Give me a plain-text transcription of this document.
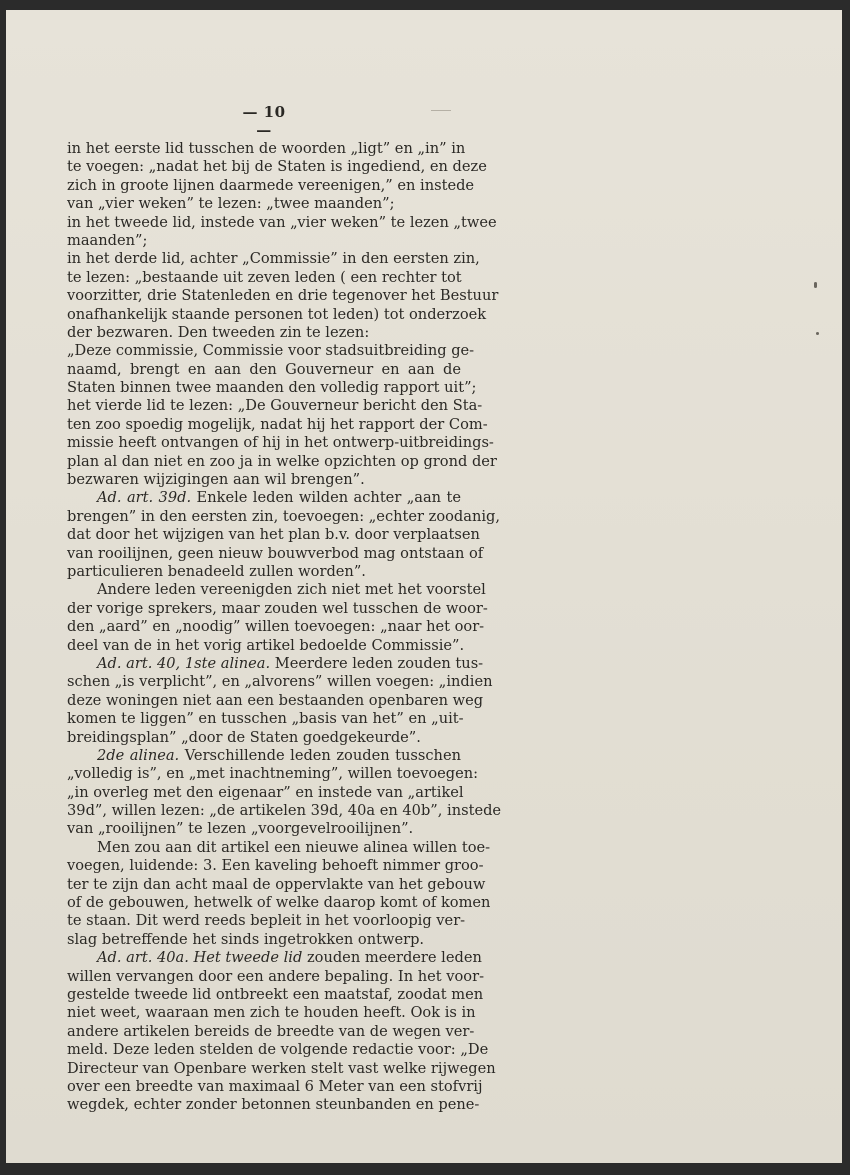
— 10 —
in het eerste lid tusschen de woorden „ligt” en „in” in
te voegen: „nadat het bij de Staten is ingediend, en deze
zich in groote lijnen daarmede vereenigen,” en instede
van „vier weken” te lezen: „twee maanden”;
in het tweede lid, instede van „vier weken” te lezen „twee
maanden”;
in het derde lid, achter „Commissie” in den eersten zin,
te lezen: „bestaande uit zeven leden ( een rechter tot
voorzitter, drie Statenleden en drie tegenover het Bestuur
onafhankelijk staande personen tot leden) tot onderzoek
der bezwaren. Den tweeden zin te lezen:
„Deze commissie, Commissie voor stadsuitbreiding ge-
naamd, brengt en aan den Gouverneur en aan de
Staten binnen twee maanden den volledig rapport uit”;
het vierde lid te lezen: „De Gouverneur bericht den Sta-
ten zoo spoedig mogelijk, nadat hij het rapport der Com-
missie heeft ontvangen of hij in het ontwerp-uitbreidings-
plan al dan niet en zoo ja in welke opzichten op grond der
bezwaren wijzigingen aan wil brengen”.
Ad. art. 39d. Enkele leden wilden achter „aan te
brengen” in den eersten zin, toevoegen: „echter zoodanig,
dat door het wijzigen van het plan b.v. door verplaatsen
van rooilijnen, geen nieuw bouwverbod mag ontstaan of
particulieren benadeeld zullen worden”.
Andere leden vereenigden zich niet met het voorstel
der vorige sprekers, maar zouden wel tusschen de woor-
den „aard” en „noodig” willen toevoegen: „naar het oor-
deel van de in het vorig artikel bedoelde Commissie”.
Ad. art. 40, 1ste alinea. Meerdere leden zouden tus-
schen „is verplicht”, en „alvorens” willen voegen: „indien
deze woningen niet aan een bestaanden openbaren weg
komen te liggen” en tusschen „basis van het” en „uit-
breidingsplan” „door de Staten goedgekeurde”.
2de alinea. Verschillende leden zouden tusschen
„volledig is”, en „met inachtneming”, willen toevoegen:
„in overleg met den eigenaar” en instede van „artikel
39d”, willen lezen: „de artikelen 39d, 40a en 40b”, instede
van „rooilijnen” te lezen „voorgevelrooilijnen”.
Men zou aan dit artikel een nieuwe alinea willen toe-
voegen, luidende: 3. Een kaveling behoeft nimmer groo-
ter te zijn dan acht maal de oppervlakte van het gebouw
of de gebouwen, hetwelk of welke daarop komt of komen
te staan. Dit werd reeds bepleit in het voorloopig ver-
slag betreffende het sinds ingetrokken ontwerp.
Ad. art. 40a. Het tweede lid zouden meerdere leden
willen vervangen door een andere bepaling. In het voor-
gestelde tweede lid ontbreekt een maatstaf, zoodat men
niet weet, waaraan men zich te houden heeft. Ook is in
andere artikelen bereids de breedte van de wegen ver-
meld. Deze leden stelden de volgende redactie voor: „De
Directeur van Openbare werken stelt vast welke rijwegen
over een breedte van maximaal 6 Meter van een stofvrij
wegdek, echter zonder betonnen steunbanden en pene-
